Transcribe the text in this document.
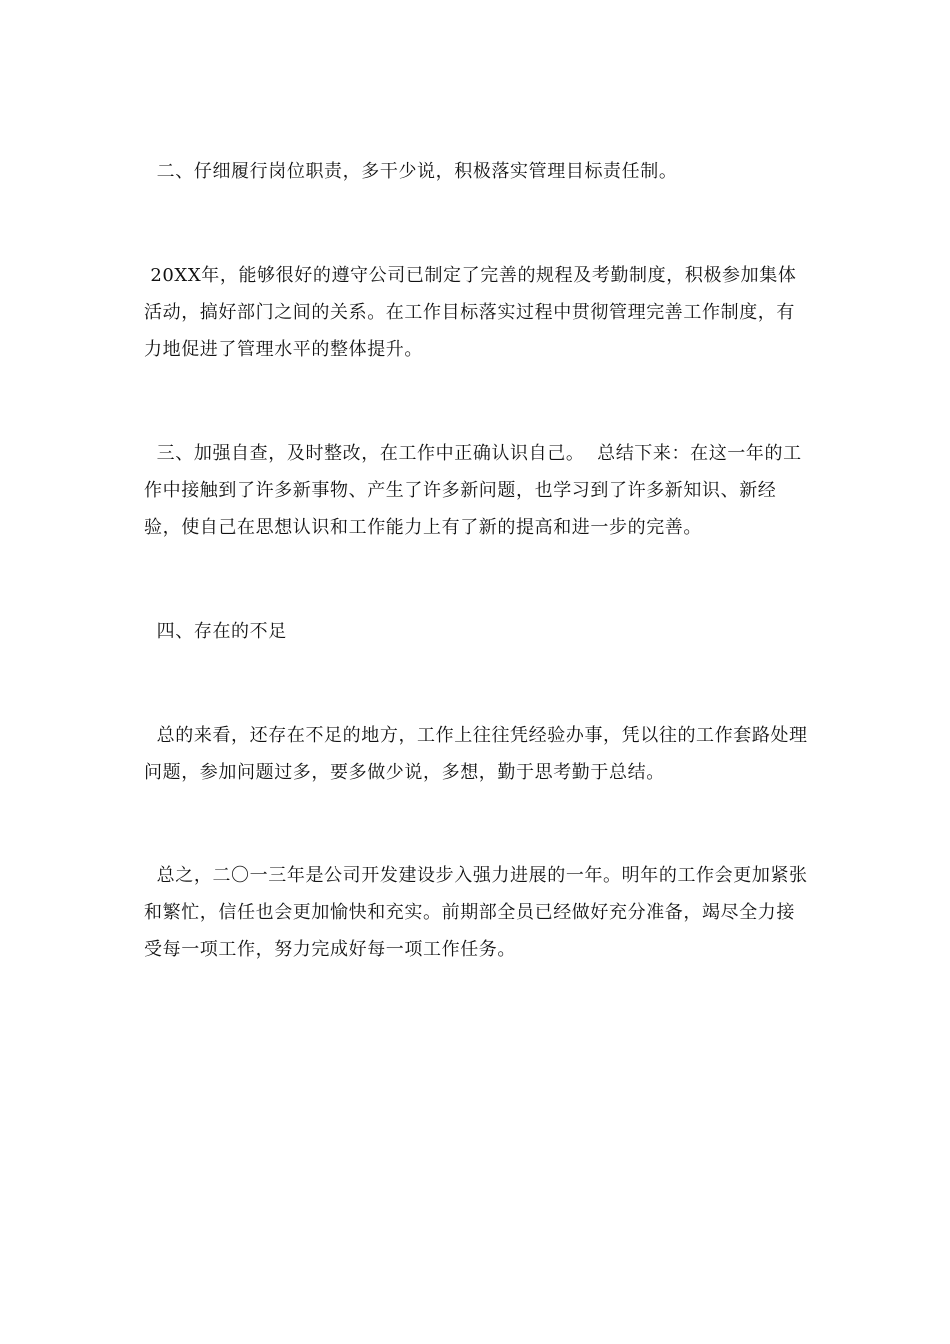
二、仔细履行岗位职责，多干少说，积极落实管理目标责任制。

20XX年，能够很好的遵守公司已制定了完善的规程及考勤制度，积极参加集体活动，搞好部门之间的关系。在工作目标落实过程中贯彻管理完善工作制度，有力地促进了管理水平的整体提升。

三、加强自查，及时整改，在工作中正确认识自己。  总结下来：在这一年的工作中接触到了许多新事物、产生了许多新问题，也学习到了许多新知识、新经验，使自己在思想认识和工作能力上有了新的提高和进一步的完善。

四、存在的不足

总的来看，还存在不足的地方，工作上往往凭经验办事，凭以往的工作套路处理问题，参加问题过多，要多做少说，多想，勤于思考勤于总结。

总之，二〇一三年是公司开发建设步入强力进展的一年。明年的工作会更加紧张和繁忙，信任也会更加愉快和充实。前期部全员已经做好充分准备，竭尽全力接受每一项工作，努力完成好每一项工作任务。
